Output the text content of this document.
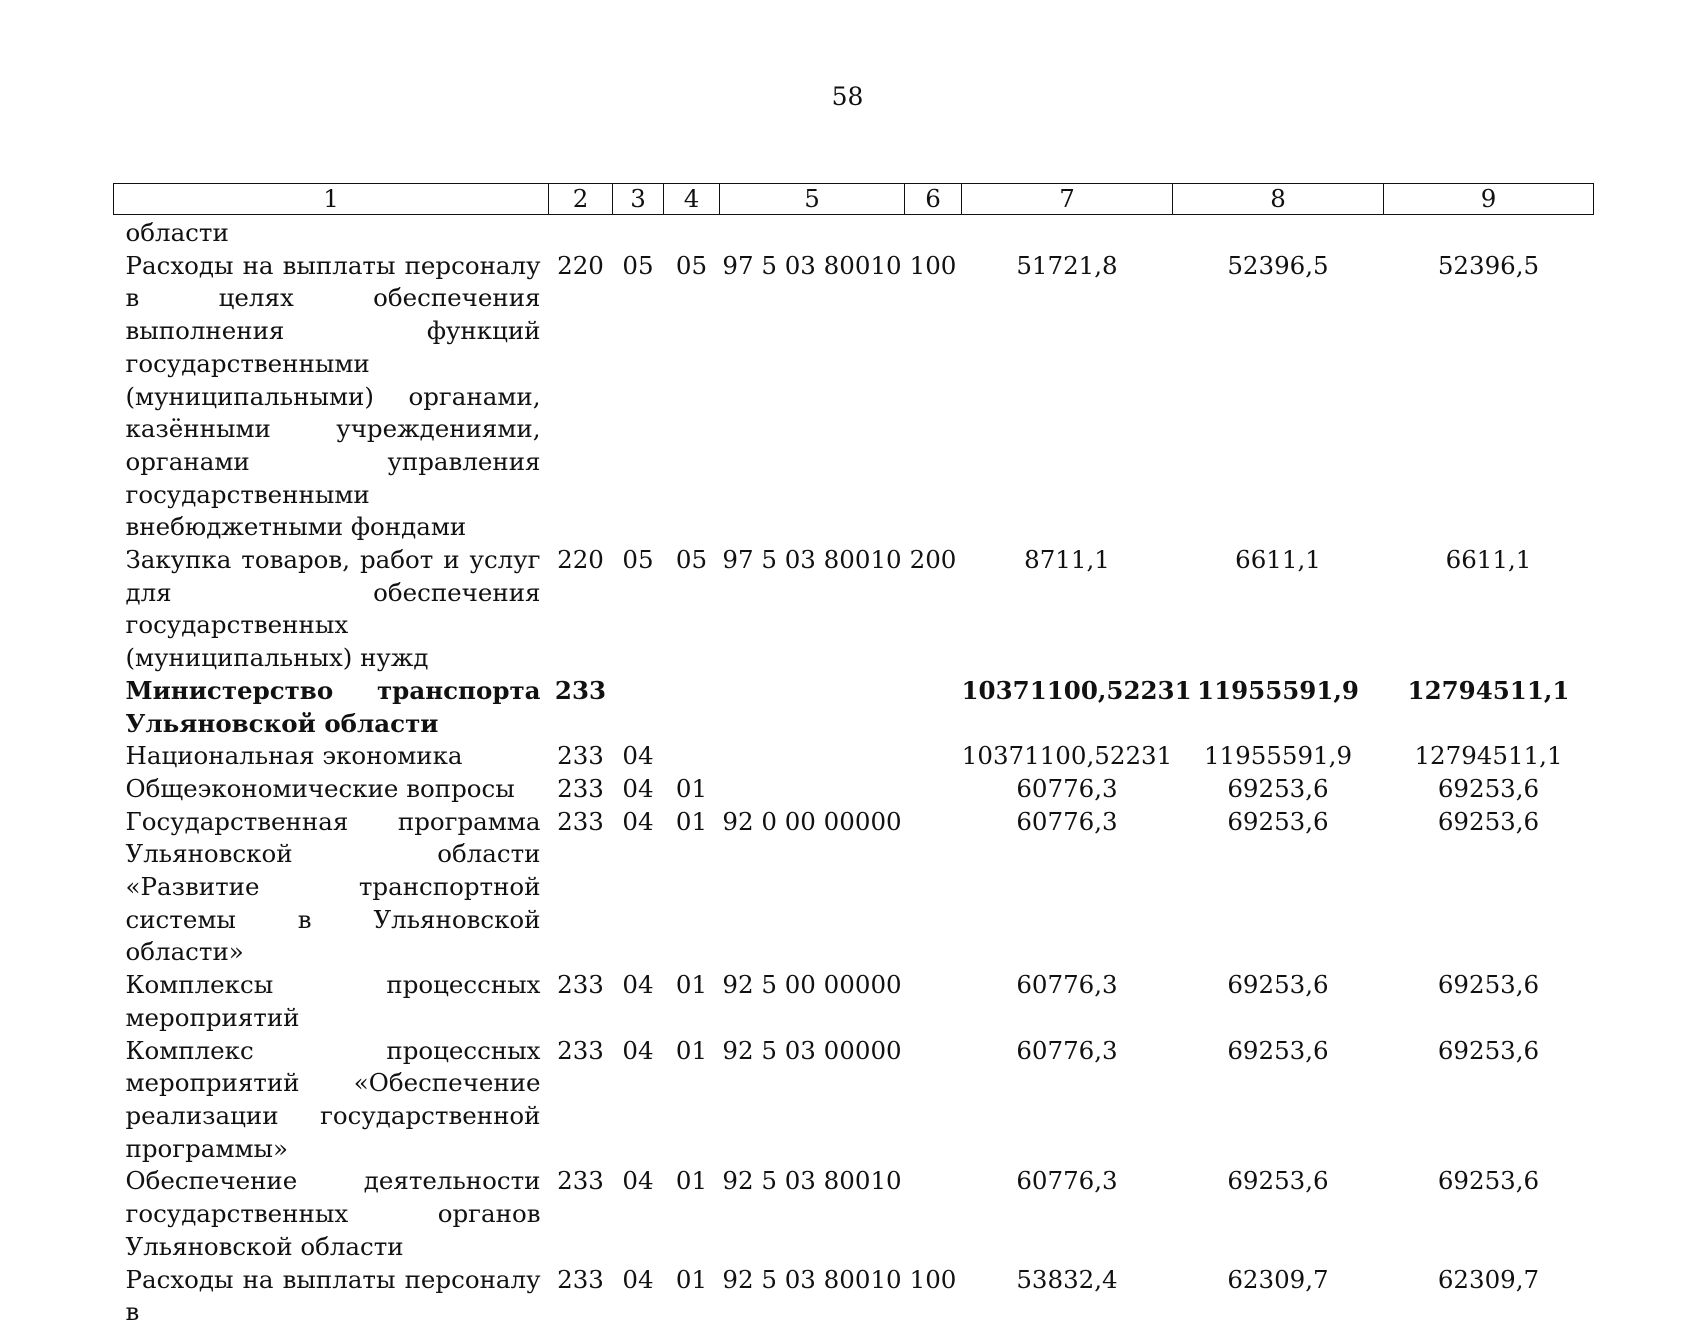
58
1	2	3	4	5	6	7	8	9
области								
Расходы на выплаты персоналу в целях обеспечения выполнения функций государственными (муниципальными) органами, казёнными учреждениями, органами управления государственными внебюджетными фондами	220	05	05	97 5 03 80010	100	51721,8	52396,5	52396,5
Закупка товаров, работ и услуг для обеспечения государственных (муниципальных) нужд	220	05	05	97 5 03 80010	200	8711,1	6611,1	6611,1
Министерство транспорта Ульяновской области	233					10371100,52231	11955591,9	12794511,1
Национальная экономика	233	04				10371100,52231	11955591,9	12794511,1
Общеэкономические вопросы	233	04	01			60776,3	69253,6	69253,6
Государственная программа Ульяновской области «Развитие транспортной системы в Ульяновской области»	233	04	01	92 0 00 00000		60776,3	69253,6	69253,6
Комплексы процессных мероприятий	233	04	01	92 5 00 00000		60776,3	69253,6	69253,6
Комплекс процессных мероприятий «Обеспечение реализации государственной программы»	233	04	01	92 5 03 00000		60776,3	69253,6	69253,6
Обеспечение деятельности государственных органов Ульяновской области	233	04	01	92 5 03 80010		60776,3	69253,6	69253,6
Расходы на выплаты персоналу в	233	04	01	92 5 03 80010	100	53832,4	62309,7	62309,7
